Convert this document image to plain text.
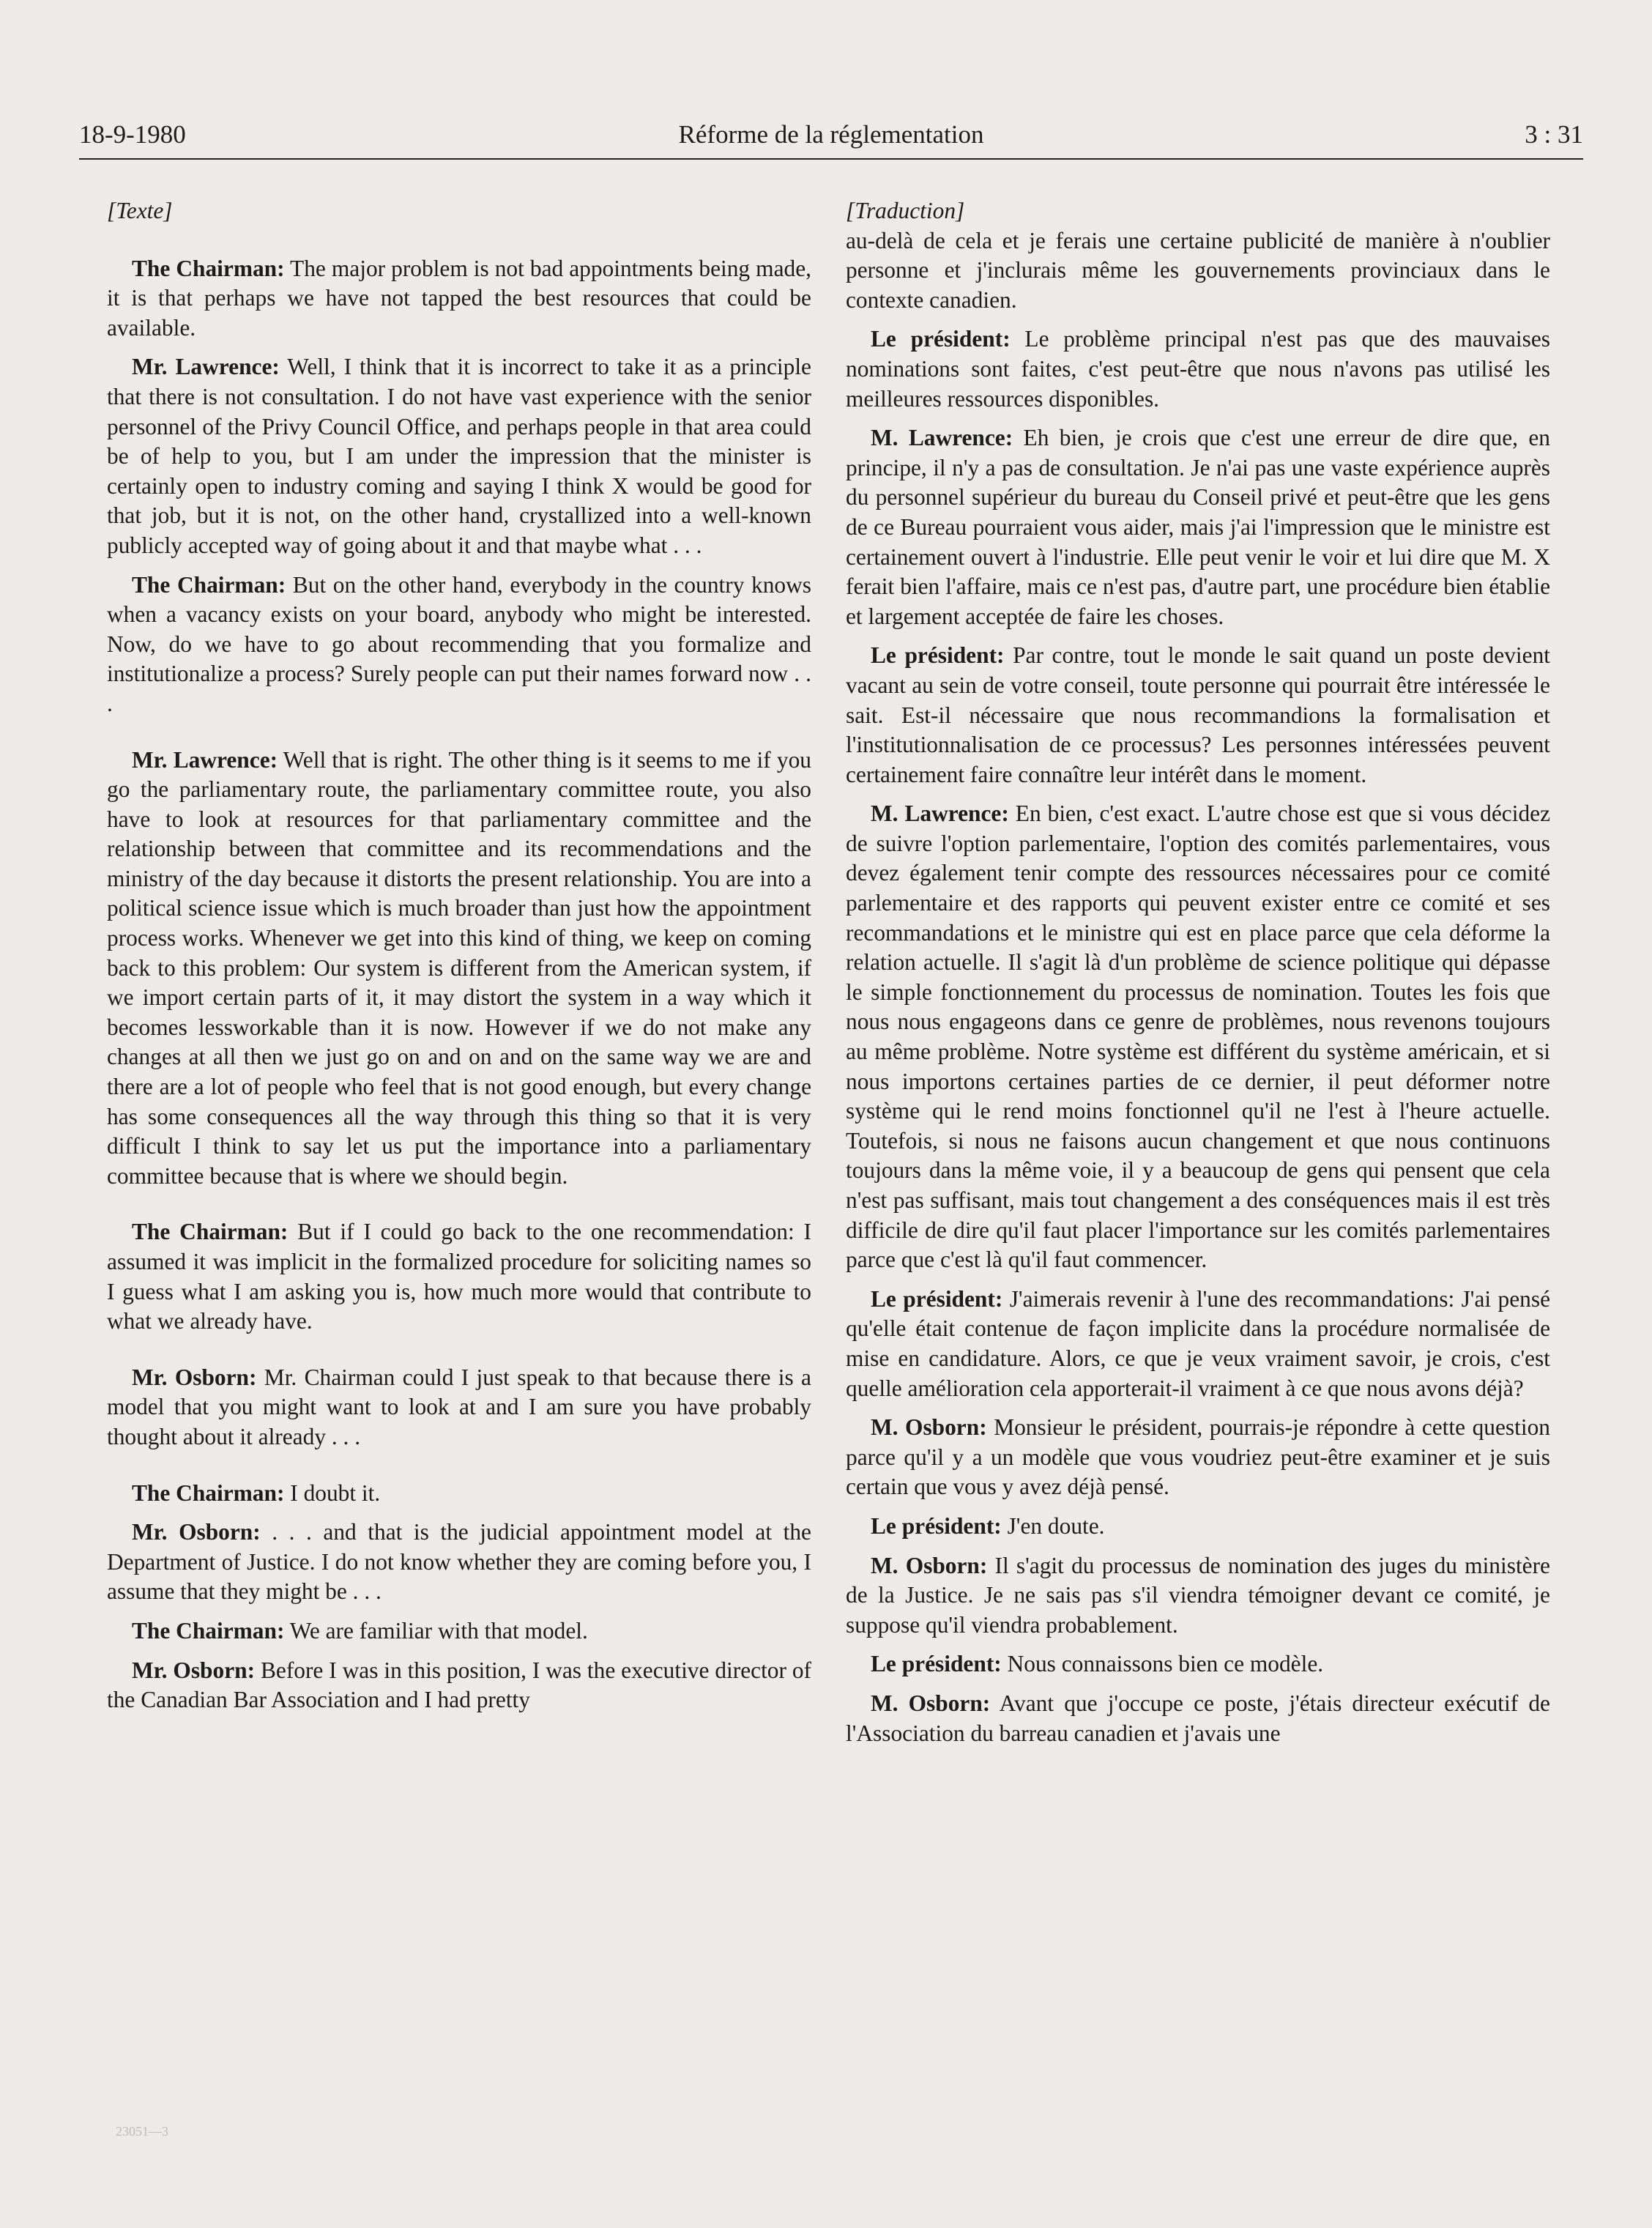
18-9-1980	Réforme de la réglementation	3 : 31

[Texte]

The Chairman: The major problem is not bad appointments being made, it is that perhaps we have not tapped the best resources that could be available.

Mr. Lawrence: Well, I think that it is incorrect to take it as a principle that there is not consultation. I do not have vast experience with the senior personnel of the Privy Council Office, and perhaps people in that area could be of help to you, but I am under the impression that the minister is certainly open to industry coming and saying I think X would be good for that job, but it is not, on the other hand, crystallized into a well-known publicly accepted way of going about it and that maybe what . . .

The Chairman: But on the other hand, everybody in the country knows when a vacancy exists on your board, anybody who might be interested. Now, do we have to go about recommending that you formalize and institutionalize a process? Surely people can put their names forward now . . .

Mr. Lawrence: Well that is right. The other thing is it seems to me if you go the parliamentary route, the parliamentary committee route, you also have to look at resources for that parliamentary committee and the relationship between that committee and its recommendations and the ministry of the day because it distorts the present relationship. You are into a political science issue which is much broader than just how the appointment process works. Whenever we get into this kind of thing, we keep on coming back to this problem: Our system is different from the American system, if we import certain parts of it, it may distort the system in a way which it becomes lessworkable than it is now. However if we do not make any changes at all then we just go on and on and on the same way we are and there are a lot of people who feel that is not good enough, but every change has some consequences all the way through this thing so that it is very difficult I think to say let us put the importance into a parliamentary committee because that is where we should begin.

The Chairman: But if I could go back to the one recommendation: I assumed it was implicit in the formalized procedure for soliciting names so I guess what I am asking you is, how much more would that contribute to what we already have.

Mr. Osborn: Mr. Chairman could I just speak to that because there is a model that you might want to look at and I am sure you have probably thought about it already . . .

The Chairman: I doubt it.

Mr. Osborn: . . . and that is the judicial appointment model at the Department of Justice. I do not know whether they are coming before you, I assume that they might be . . .

The Chairman: We are familiar with that model.

Mr. Osborn: Before I was in this position, I was the executive director of the Canadian Bar Association and I had pretty

[Traduction]

au-delà de cela et je ferais une certaine publicité de manière à n'oublier personne et j'inclurais même les gouvernements provinciaux dans le contexte canadien.

Le président: Le problème principal n'est pas que des mauvaises nominations sont faites, c'est peut-être que nous n'avons pas utilisé les meilleures ressources disponibles.

M. Lawrence: Eh bien, je crois que c'est une erreur de dire que, en principe, il n'y a pas de consultation. Je n'ai pas une vaste expérience auprès du personnel supérieur du bureau du Conseil privé et peut-être que les gens de ce Bureau pourraient vous aider, mais j'ai l'impression que le ministre est certainement ouvert à l'industrie. Elle peut venir le voir et lui dire que M. X ferait bien l'affaire, mais ce n'est pas, d'autre part, une procédure bien établie et largement acceptée de faire les choses.

Le président: Par contre, tout le monde le sait quand un poste devient vacant au sein de votre conseil, toute personne qui pourrait être intéressée le sait. Est-il nécessaire que nous recommandions la formalisation et l'institutionnalisation de ce processus? Les personnes intéressées peuvent certainement faire connaître leur intérêt dans le moment.

M. Lawrence: En bien, c'est exact. L'autre chose est que si vous décidez de suivre l'option parlementaire, l'option des comités parlementaires, vous devez également tenir compte des ressources nécessaires pour ce comité parlementaire et des rapports qui peuvent exister entre ce comité et ses recommandations et le ministre qui est en place parce que cela déforme la relation actuelle. Il s'agit là d'un problème de science politique qui dépasse le simple fonctionnement du processus de nomination. Toutes les fois que nous nous engageons dans ce genre de problèmes, nous revenons toujours au même problème. Notre système est différent du système américain, et si nous importons certaines parties de ce dernier, il peut déformer notre système qui le rend moins fonctionnel qu'il ne l'est à l'heure actuelle. Toutefois, si nous ne faisons aucun changement et que nous continuons toujours dans la même voie, il y a beaucoup de gens qui pensent que cela n'est pas suffisant, mais tout changement a des conséquences mais il est très difficile de dire qu'il faut placer l'importance sur les comités parlementaires parce que c'est là qu'il faut commencer.

Le président: J'aimerais revenir à l'une des recommandations: J'ai pensé qu'elle était contenue de façon implicite dans la procédure normalisée de mise en candidature. Alors, ce que je veux vraiment savoir, je crois, c'est quelle amélioration cela apporterait-il vraiment à ce que nous avons déjà?

M. Osborn: Monsieur le président, pourrais-je répondre à cette question parce qu'il y a un modèle que vous voudriez peut-être examiner et je suis certain que vous y avez déjà pensé.

Le président: J'en doute.

M. Osborn: Il s'agit du processus de nomination des juges du ministère de la Justice. Je ne sais pas s'il viendra témoigner devant ce comité, je suppose qu'il viendra probablement.

Le président: Nous connaissons bien ce modèle.

M. Osborn: Avant que j'occupe ce poste, j'étais directeur exécutif de l'Association du barreau canadien et j'avais une

23051—3
